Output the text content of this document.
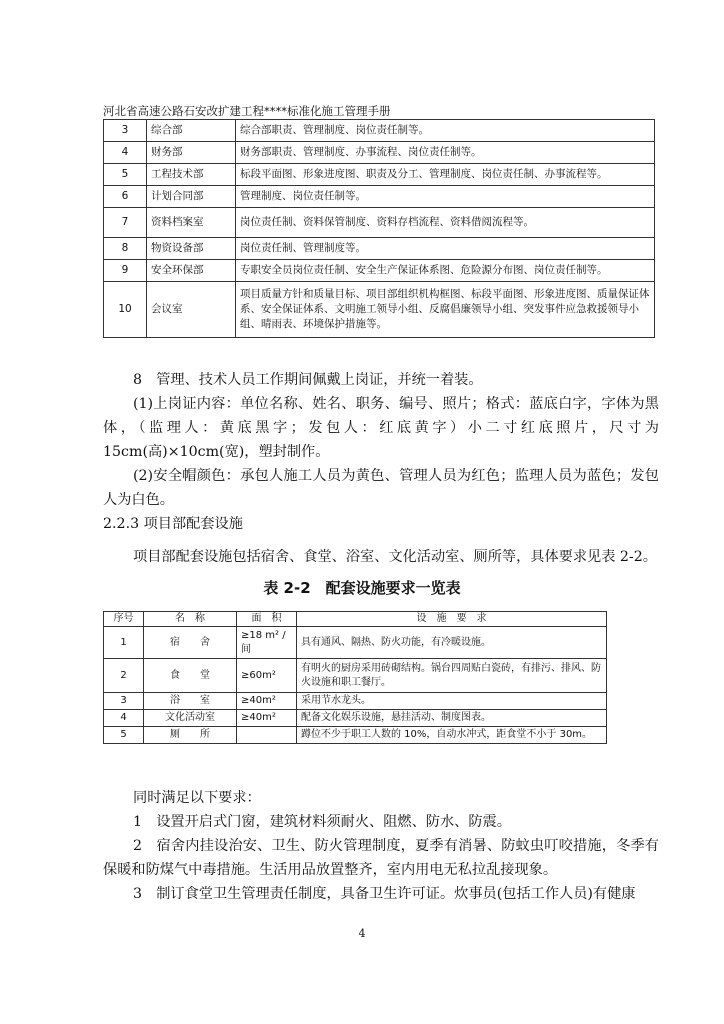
河北省高速公路石安改扩建工程****标准化施工管理手册
3	综合部	综合部职责、管理制度、岗位责任制等。
4	财务部	财务部职责、管理制度、办事流程、岗位责任制等。
5	工程技术部	标段平面图、形象进度图、职责及分工、管理制度、岗位责任制、办事流程等。
6	计划合同部	管理制度、岗位责任制等。
7	资料档案室	岗位责任制、资料保管制度、资料存档流程、资料借阅流程等。
8	物资设备部	岗位责任制、管理制度等。
9	安全环保部	专职安全员岗位责任制、安全生产保证体系图、危险源分布图、岗位责任制等。
10	会议室	项目质量方针和质量目标、项目部组织机构框图、标段平面图、形象进度图、质量保证体系、安全保证体系、文明施工领导小组、反腐倡廉领导小组、突发事件应急救援领导小组、晴雨表、环境保护措施等。
8　管理、技术人员工作期间佩戴上岗证，并统一着装。
(1)上岗证内容：单位名称、姓名、职务、编号、照片；格式：蓝底白字，字体为黑体，（监理人：黄底黑字；发包人：红底黄字）小二寸红底照片，尺寸为 15cm(高)×10cm(宽)，塑封制作。
(2)安全帽颜色：承包人施工人员为黄色、管理人员为红色；监理人员为蓝色；发包人为白色。
2.2.3 项目部配套设施
项目部配套设施包括宿舍、食堂、浴室、文化活动室、厕所等，具体要求见表 2-2。
表 2-2　配套设施要求一览表
序号	名　称	面　积	设　施　要　求
1	宿　　舍	≥18 m² / 间	具有通风、隔热、防火功能，有冷暖设施。
2	食　　堂	≥60m²	有明火的厨房采用砖砌结构。锅台四周贴白瓷砖，有排污、排风、防火设施和职工餐厅。
3	浴　　室	≥40m²	采用节水龙头。
4	文化活动室	≥40m²	配备文化娱乐设施，悬挂活动、制度图表。
5	厕　　所		蹲位不少于职工人数的 10%，自动水冲式，距食堂不小于 30m。
同时满足以下要求：
1　设置开启式门窗，建筑材料须耐火、阻燃、防水、防震。
2　宿舍内挂设治安、卫生、防火管理制度，夏季有消暑、防蚊虫叮咬措施，冬季有保暖和防煤气中毒措施。生活用品放置整齐，室内用电无私拉乱接现象。
3　制订食堂卫生管理责任制度，具备卫生许可证。炊事员(包括工作人员)有健康
4
